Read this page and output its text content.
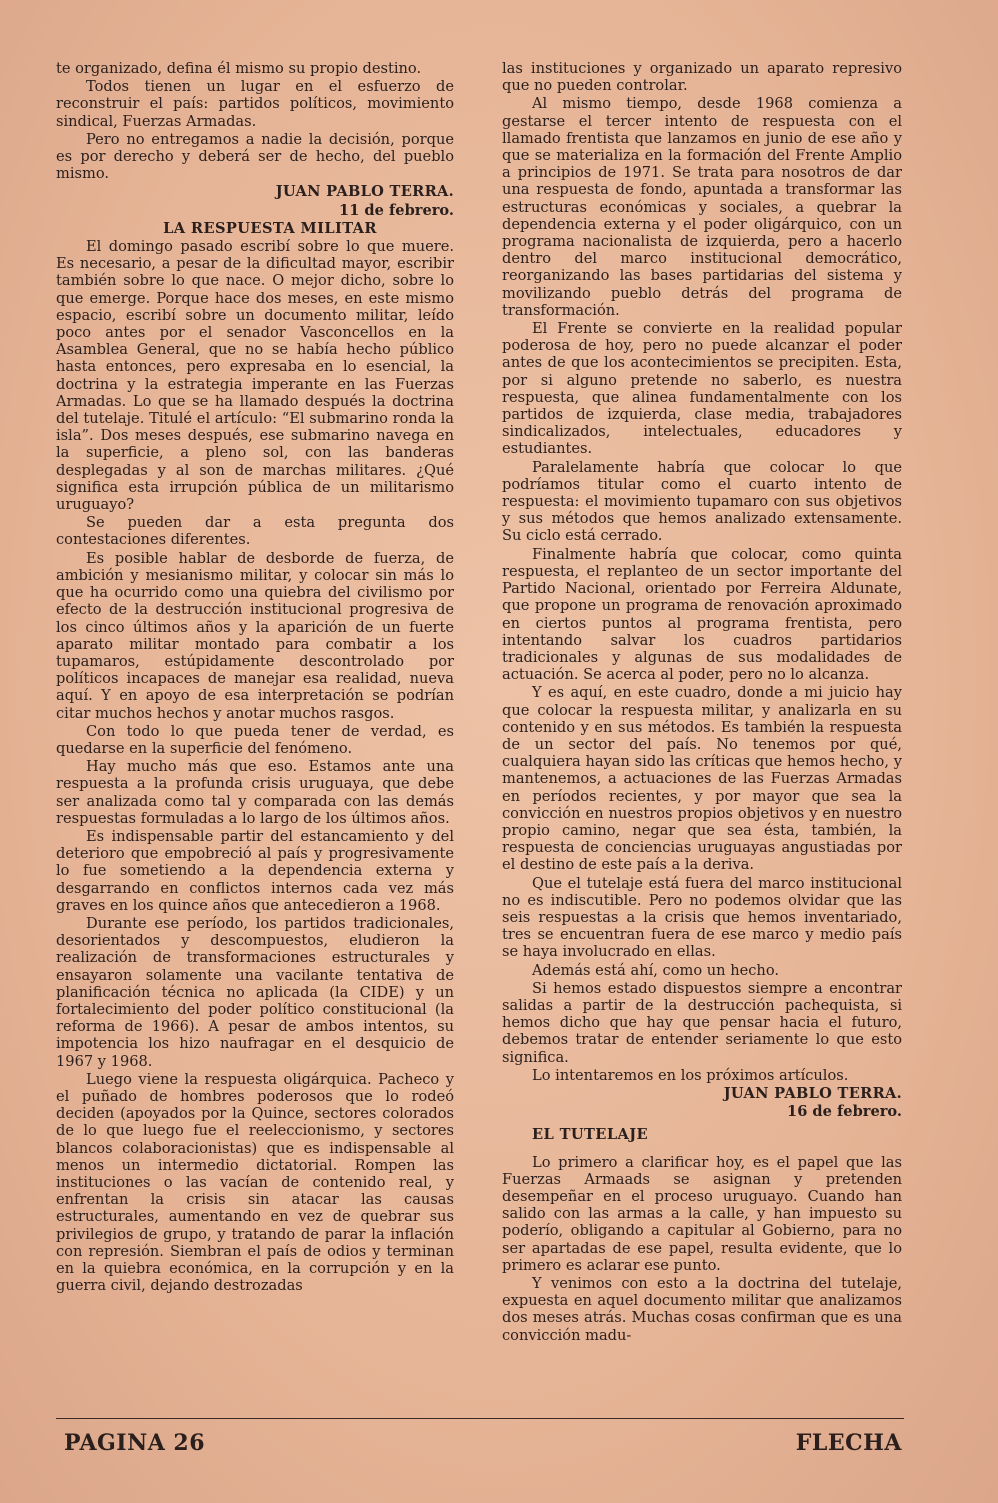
te organizado, defina él mismo su propio destino.

Todos tienen un lugar en el esfuerzo de reconstruir el país: partidos políticos, movimiento sindical, Fuerzas Armadas.

Pero no entregamos a nadie la decisión, porque es por derecho y deberá ser de hecho, del pueblo mismo.

JUAN PABLO TERRA.

11 de febrero.

LA RESPUESTA MILITAR

El domingo pasado escribí sobre lo que muere. Es necesario, a pesar de la dificultad mayor, escribir también sobre lo que nace. O mejor dicho, sobre lo que emerge. Porque hace dos meses, en este mismo espacio, escribí sobre un documento militar, leído poco antes por el senador Vasconcellos en la Asamblea General, que no se había hecho público hasta entonces, pero expresaba en lo esencial, la doctrina y la estrategia imperante en las Fuerzas Armadas. Lo que se ha llamado después la doctrina del tutelaje. Titulé el artículo: “El submarino ronda la isla”. Dos meses después, ese submarino navega en la superficie, a pleno sol, con las banderas desplegadas y al son de marchas militares. ¿Qué significa esta irrupción pública de un militarismo uruguayo?

Se pueden dar a esta pregunta dos contestaciones diferentes.

Es posible hablar de desborde de fuerza, de ambición y mesianismo militar, y colocar sin más lo que ha ocurrido como una quiebra del civilismo por efecto de la destrucción institucional progresiva de los cinco últimos años y la aparición de un fuerte aparato militar montado para combatir a los tupamaros, estúpidamente descontrolado por políticos incapaces de manejar esa realidad, nueva aquí. Y en apoyo de esa interpretación se podrían citar muchos hechos y anotar muchos rasgos.

Con todo lo que pueda tener de verdad, es quedarse en la superficie del fenómeno.

Hay mucho más que eso. Estamos ante una respuesta a la profunda crisis uruguaya, que debe ser analizada como tal y comparada con las demás respuestas formuladas a lo largo de los últimos años.

Es indispensable partir del estancamiento y del deterioro que empobreció al país y progresivamente lo fue sometiendo a la dependencia externa y desgarrando en conflictos internos cada vez más graves en los quince años que antecedieron a 1968.

Durante ese período, los partidos tradicionales, desorientados y descompuestos, eludieron la realización de transformaciones estructurales y ensayaron solamente una vacilante tentativa de planificación técnica no aplicada (la CIDE) y un fortalecimiento del poder político constitucional (la reforma de 1966). A pesar de ambos intentos, su impotencia los hizo naufragar en el desquicio de 1967 y 1968.

Luego viene la respuesta oligárquica. Pacheco y el puñado de hombres poderosos que lo rodeó deciden (apoyados por la Quince, sectores colorados de lo que luego fue el reeleccionismo, y sectores blancos colaboracionistas) que es indispensable al menos un intermedio dictatorial. Rompen las instituciones o las vacían de contenido real, y enfrentan la crisis sin atacar las causas estructurales, aumentando en vez de quebrar sus privilegios de grupo, y tratando de parar la inflación con represión. Siembran el país de odios y terminan en la quiebra económica, en la corrupción y en la guerra civil, dejando destrozadas

las instituciones y organizado un aparato represivo que no pueden controlar.

Al mismo tiempo, desde 1968 comienza a gestarse el tercer intento de respuesta con el llamado frentista que lanzamos en junio de ese año y que se materializa en la formación del Frente Amplio a principios de 1971. Se trata para nosotros de dar una respuesta de fondo, apuntada a transformar las estructuras económicas y sociales, a quebrar la dependencia externa y el poder oligárquico, con un programa nacionalista de izquierda, pero a hacerlo dentro del marco institucional democrático, reorganizando las bases partidarias del sistema y movilizando pueblo detrás del programa de transformación.

El Frente se convierte en la realidad popular poderosa de hoy, pero no puede alcanzar el poder antes de que los acontecimientos se precipiten. Esta, por si alguno pretende no saberlo, es nuestra respuesta, que alinea fundamentalmente con los partidos de izquierda, clase media, trabajadores sindicalizados, intelectuales, educadores y estudiantes.

Paralelamente habría que colocar lo que podríamos titular como el cuarto intento de respuesta: el movimiento tupamaro con sus objetivos y sus métodos que hemos analizado extensamente. Su ciclo está cerrado.

Finalmente habría que colocar, como quinta respuesta, el replanteo de un sector importante del Partido Nacional, orientado por Ferreira Aldunate, que propone un programa de renovación aproximado en ciertos puntos al programa frentista, pero intentando salvar los cuadros partidarios tradicionales y algunas de sus modalidades de actuación. Se acerca al poder, pero no lo alcanza.

Y es aquí, en este cuadro, donde a mi juicio hay que colocar la respuesta militar, y analizarla en su contenido y en sus métodos. Es también la respuesta de un sector del país. No tenemos por qué, cualquiera hayan sido las críticas que hemos hecho, y mantenemos, a actuaciones de las Fuerzas Armadas en períodos recientes, y por mayor que sea la convicción en nuestros propios objetivos y en nuestro propio camino, negar que sea ésta, también, la respuesta de conciencias uruguayas angustiadas por el destino de este país a la deriva.

Que el tutelaje está fuera del marco institucional no es indiscutible. Pero no podemos olvidar que las seis respuestas a la crisis que hemos inventariado, tres se encuentran fuera de ese marco y medio país se haya involucrado en ellas.

Además está ahí, como un hecho.

Si hemos estado dispuestos siempre a encontrar salidas a partir de la destrucción pachequista, si hemos dicho que hay que pensar hacia el futuro, debemos tratar de entender seriamente lo que esto significa.

Lo intentaremos en los próximos artículos.

JUAN PABLO TERRA.

16 de febrero.

EL TUTELAJE

Lo primero a clarificar hoy, es el papel que las Fuerzas Armaads se asignan y pretenden desempeñar en el proceso uruguayo. Cuando han salido con las armas a la calle, y han impuesto su poderío, obligando a capitular al Gobierno, para no ser apartadas de ese papel, resulta evidente, que lo primero es aclarar ese punto.

Y venimos con esto a la doctrina del tutelaje, expuesta en aquel documento militar que analizamos dos meses atrás. Muchas cosas confirman que es una convicción madu-

PAGINA 26	FLECHA
